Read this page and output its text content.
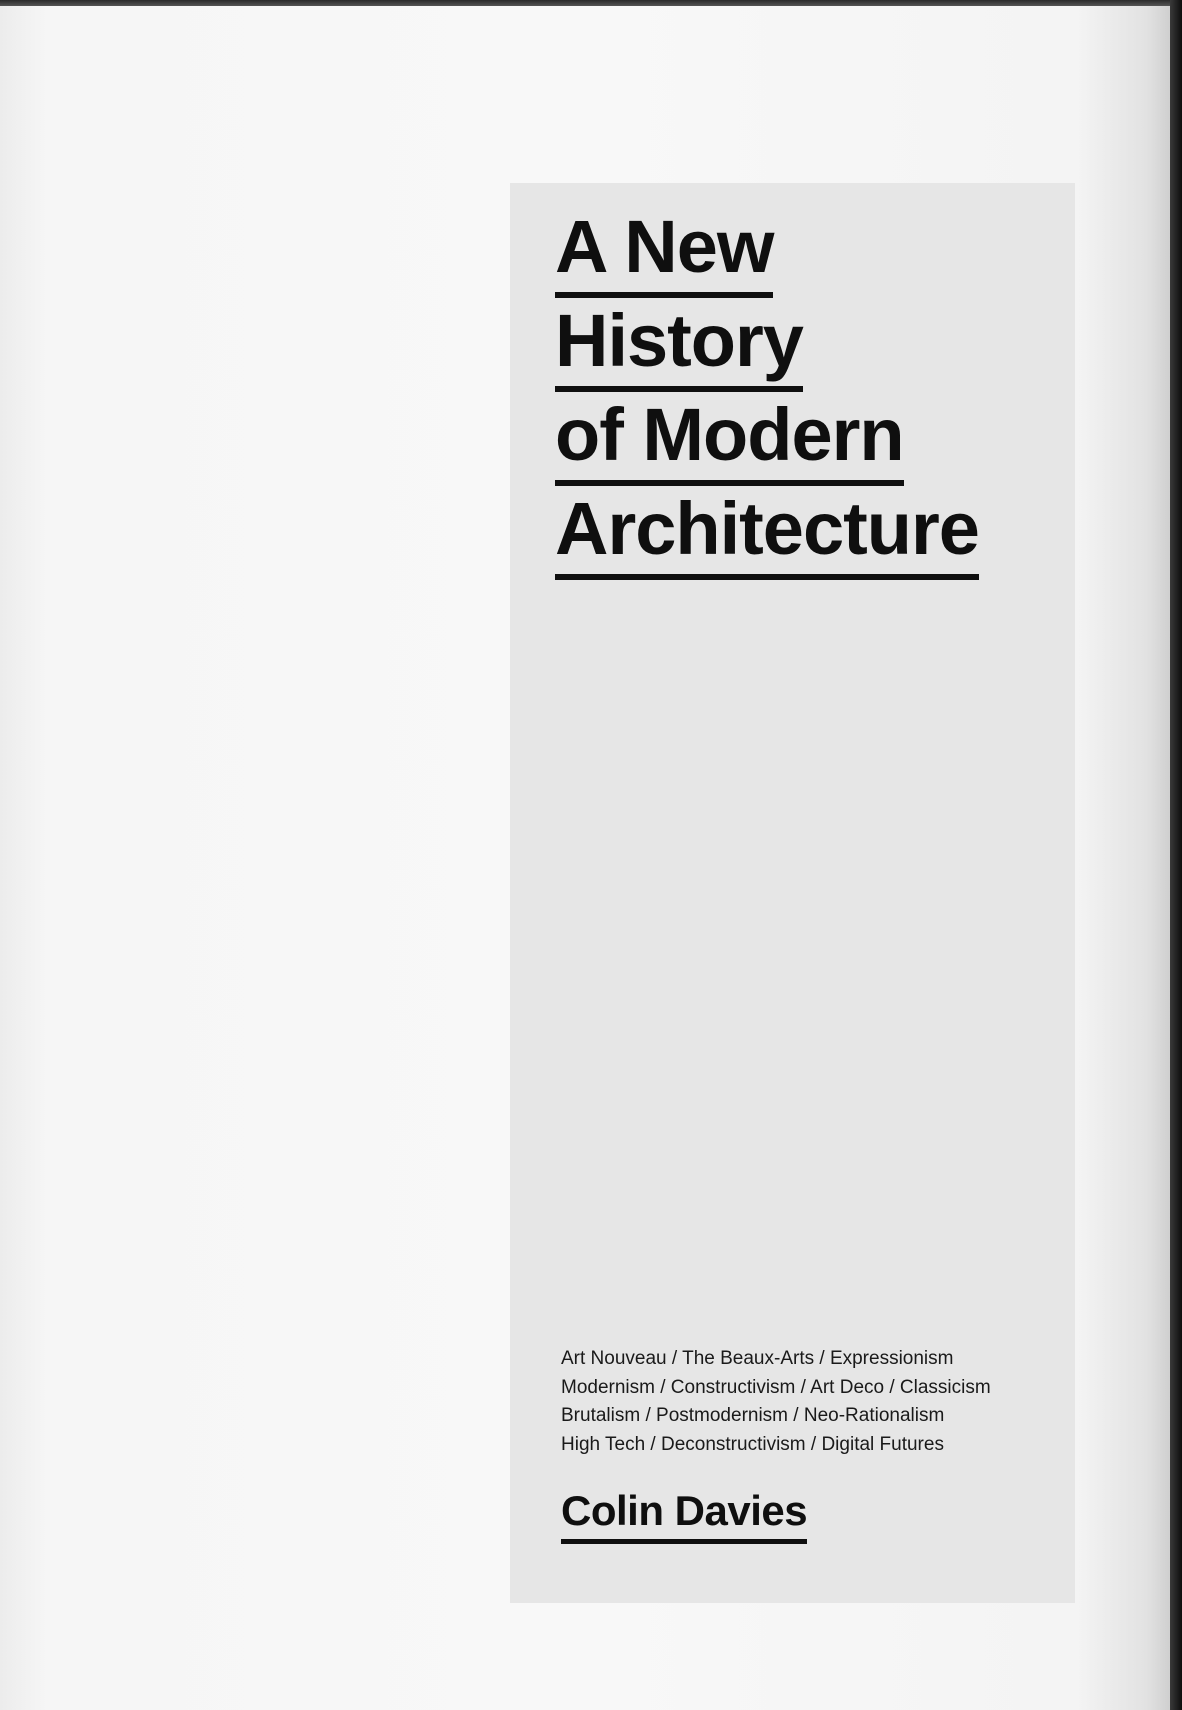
A New
History
of Modern
Architecture
Art Nouveau / The Beaux-Arts / Expressionism
Modernism / Constructivism / Art Deco / Classicism
Brutalism / Postmodernism / Neo-Rationalism
High Tech / Deconstructivism / Digital Futures
Colin Davies
